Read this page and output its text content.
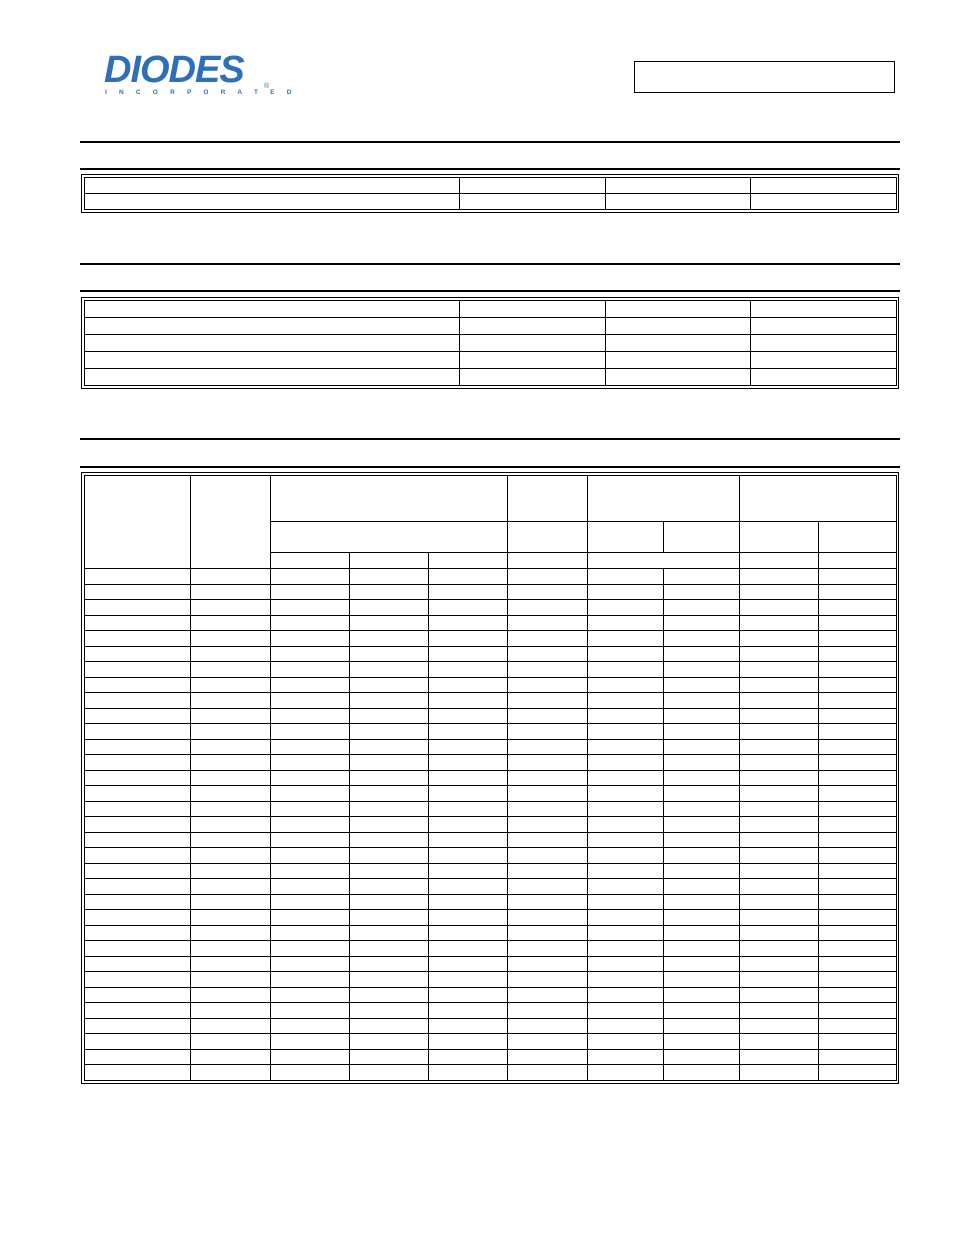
DIODES
I N C O R P O R A T E D
®
